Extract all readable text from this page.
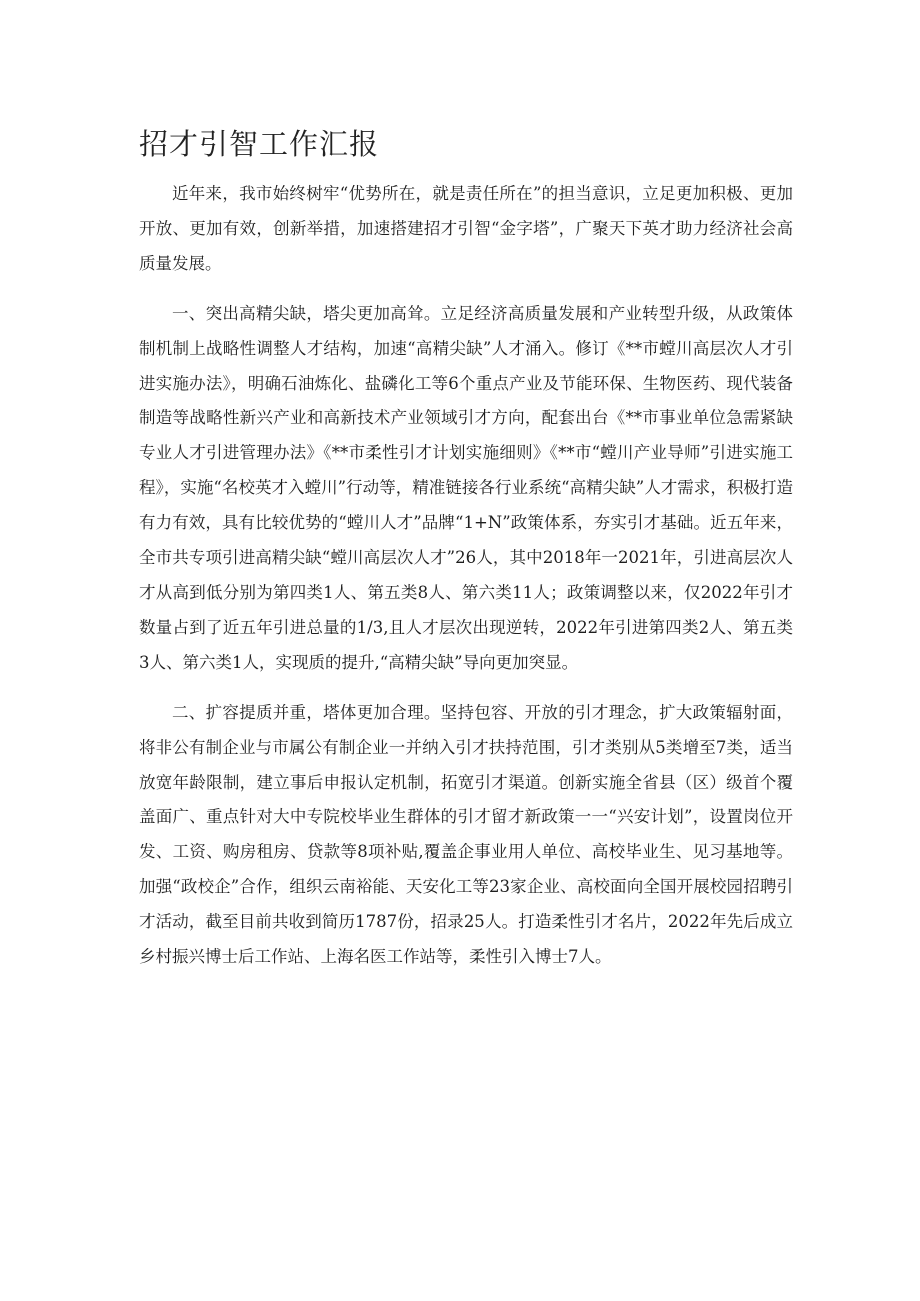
招才引智工作汇报

近年来，我市始终树牢“优势所在，就是责任所在”的担当意识，立足更加积极、更加开放、更加有效，创新举措，加速搭建招才引智“金字塔”，广聚天下英才助力经济社会高质量发展。

一、突出高精尖缺，塔尖更加高耸。立足经济高质量发展和产业转型升级，从政策体制机制上战略性调整人才结构，加速“高精尖缺”人才涌入。修订《**市螳川高层次人才引进实施办法》，明确石油炼化、盐磷化工等6个重点产业及节能环保、生物医药、现代装备制造等战略性新兴产业和高新技术产业领域引才方向，配套出台《**市事业单位急需紧缺专业人才引进管理办法》《**市柔性引才计划实施细则》《**市“螳川产业导师”引进实施工程》，实施“名校英才入螳川”行动等，精准链接各行业系统“高精尖缺”人才需求，积极打造有力有效，具有比较优势的“螳川人才”品牌“1+N”政策体系，夯实引才基础。近五年来，全市共专项引进高精尖缺“螳川高层次人才”26人，其中2018年一2021年，引进高层次人才从高到低分别为第四类1人、第五类8人、第六类11人；政策调整以来，仅2022年引才数量占到了近五年引进总量的1/3,且人才层次出现逆转，2022年引进第四类2人、第五类3人、第六类1人，实现质的提升,“高精尖缺”导向更加突显。

二、扩容提质并重，塔体更加合理。坚持包容、开放的引才理念，扩大政策辐射面，将非公有制企业与市属公有制企业一并纳入引才扶持范围，引才类别从5类增至7类，适当放宽年龄限制，建立事后申报认定机制，拓宽引才渠道。创新实施全省县（区）级首个覆盖面广、重点针对大中专院校毕业生群体的引才留才新政策一一“兴安计划”，设置岗位开发、工资、购房租房、贷款等8项补贴,覆盖企事业用人单位、高校毕业生、见习基地等。加强“政校企”合作，组织云南裕能、天安化工等23家企业、高校面向全国开展校园招聘引才活动，截至目前共收到简历1787份，招录25人。打造柔性引才名片，2022年先后成立乡村振兴博士后工作站、上海名医工作站等，柔性引入博士7人。
